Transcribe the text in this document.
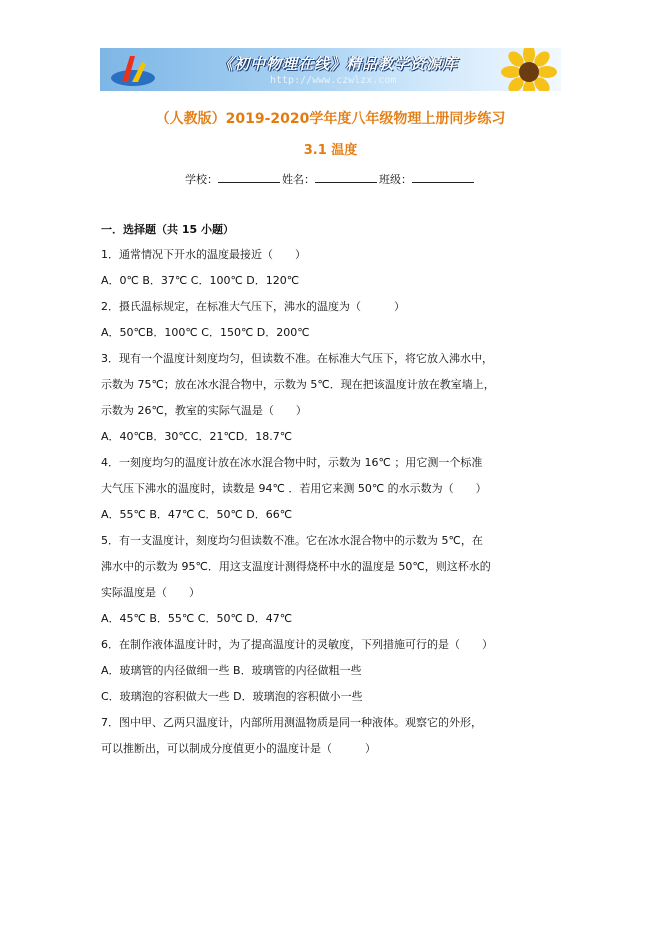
《初中物理在线》精品教学资源库
http://www.czwlzx.com
（人教版）2019-2020学年度八年级物理上册同步练习
3.1 温度
学校：	姓名：	班级：
一．选择题（共 15 小题）
1．通常情况下开水的温度最接近（　　）
A．0℃ B．37℃ C．100℃ D．120℃
2．摄氏温标规定，在标准大气压下，沸水的温度为（　　　）
A．50℃B．100℃ C．150℃ D．200℃
3．现有一个温度计刻度均匀，但读数不准。在标准大气压下，将它放入沸水中，
示数为 75℃；放在冰水混合物中，示数为 5℃．现在把该温度计放在教室墙上，
示数为 26℃，教室的实际气温是（　　）
A．40℃B．30℃C．21℃D．18.7℃
4．一刻度均匀的温度计放在冰水混合物中时，示数为 16℃ ；用它测一个标准
大气压下沸水的温度时，读数是 94℃ ．若用它来测 50℃ 的水示数为（　　）
A．55℃ B．47℃ C．50℃ D．66℃
5．有一支温度计，刻度均匀但读数不准。它在冰水混合物中的示数为 5℃，在
沸水中的示数为 95℃．用这支温度计测得烧杯中水的温度是 50℃，则这杯水的
实际温度是（　　）
A．45℃ B．55℃ C．50℃ D．47℃
6．在制作液体温度计时，为了提高温度计的灵敏度，下列措施可行的是（　　）
A．玻璃管的内径做细一些 B．玻璃管的内径做粗一些
C．玻璃泡的容积做大一些 D．玻璃泡的容积做小一些
7．图中甲、乙两只温度计，内部所用测温物质是同一种液体。观察它的外形，
可以推断出，可以制成分度值更小的温度计是（　　　）
